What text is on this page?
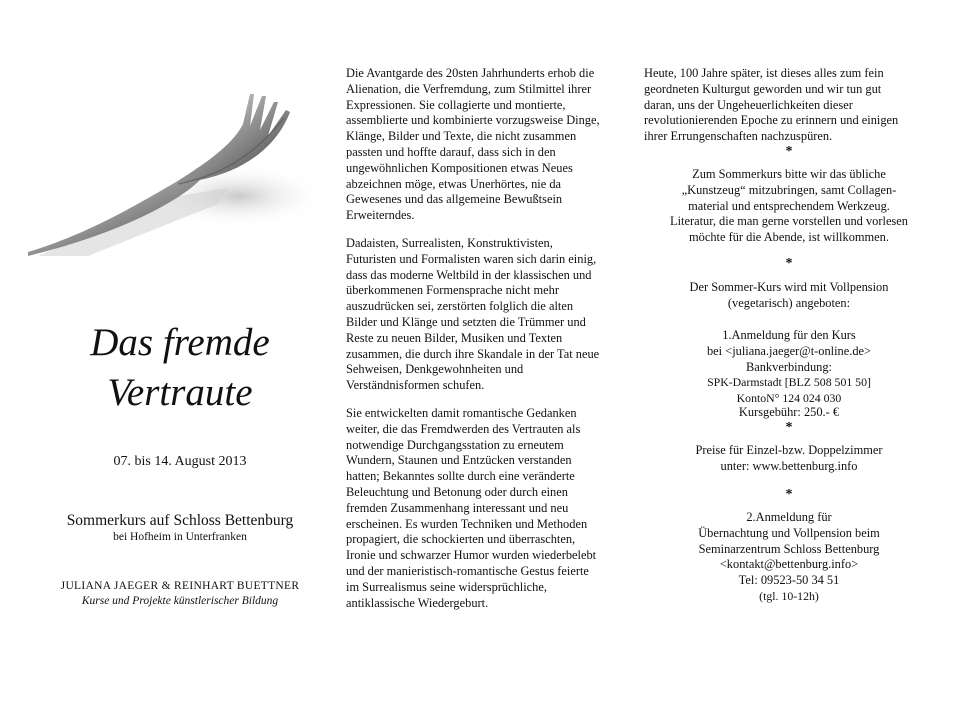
Das fremde
Vertraute
07. bis 14. August 2013
Sommerkurs auf Schloss Bettenburg
bei Hofheim in Unterfranken
JULIANA JAEGER & REINHART BUETTNER
Kurse und Projekte künstlerischer Bildung
Die Avantgarde des 20sten Jahrhunderts erhob die
Alienation, die Verfremdung, zum Stilmittel ihrer
Expressionen. Sie collagierte und montierte,
assemblierte und kombinierte vorzugsweise Dinge,
Klänge, Bilder und Texte, die nicht zusammen
passten und hoffte darauf, dass sich in den
ungewöhnlichen Kompositionen etwas Neues
abzeichnen möge, etwas Unerhörtes, nie da
Gewesenes und das allgemeine Bewußtsein
Erweiterndes.
Dadaisten, Surrealisten, Konstruktivisten,
Futuristen und Formalisten waren sich darin einig,
dass das moderne Weltbild in der klassischen und
überkommenen Formensprache nicht mehr
auszudrücken sei, zerstörten folglich die alten
Bilder und Klänge und setzten die Trümmer und
Reste zu neuen Bilder, Musiken und Texten
zusammen, die durch ihre Skandale in der Tat neue
Sehweisen, Denkgewohnheiten und
Verständnisformen schufen.
Sie entwickelten damit romantische Gedanken
weiter, die das Fremdwerden des Vertrauten als
notwendige Durchgangsstation zu erneutem
Wundern, Staunen und Entzücken verstanden
hatten; Bekanntes sollte durch eine veränderte
Beleuchtung und Betonung oder durch einen
fremden Zusammenhang interessant und neu
erscheinen. Es wurden Techniken und Methoden
propagiert, die schockierten und überraschten,
Ironie und schwarzer Humor wurden wiederbelebt
und der manieristisch-romantische Gestus feierte
im Surrealismus seine widersprüchliche,
antiklassische Wiedergeburt.
Heute, 100 Jahre später, ist dieses alles zum fein
geordneten Kulturgut geworden und wir tun gut
daran, uns der Ungeheuerlichkeiten dieser
revolutionierenden Epoche zu erinnern und einigen
ihrer Errungenschaften nachzuspüren.
*
Zum Sommerkurs bitte wir das übliche
„Kunstzeug“ mitzubringen, samt Collagen-
material und entsprechendem Werkzeug.
Literatur, die man gerne vorstellen und vorlesen
möchte für die Abende, ist willkommen.
*
Der Sommer-Kurs wird mit Vollpension
(vegetarisch) angeboten:
1.Anmeldung für den Kurs
bei <juliana.jaeger@t-online.de>
Bankverbindung:
SPK-Darmstadt [BLZ 508 501 50]
KontoN° 124 024 030
Kursgebühr: 250.- €
*
Preise für Einzel-bzw. Doppelzimmer
unter: www.bettenburg.info
*
2.Anmeldung für
Übernachtung und Vollpension beim
Seminarzentrum Schloss Bettenburg
<kontakt@bettenburg.info>
Tel: 09523-50 34 51
(tgl. 10-12h)
